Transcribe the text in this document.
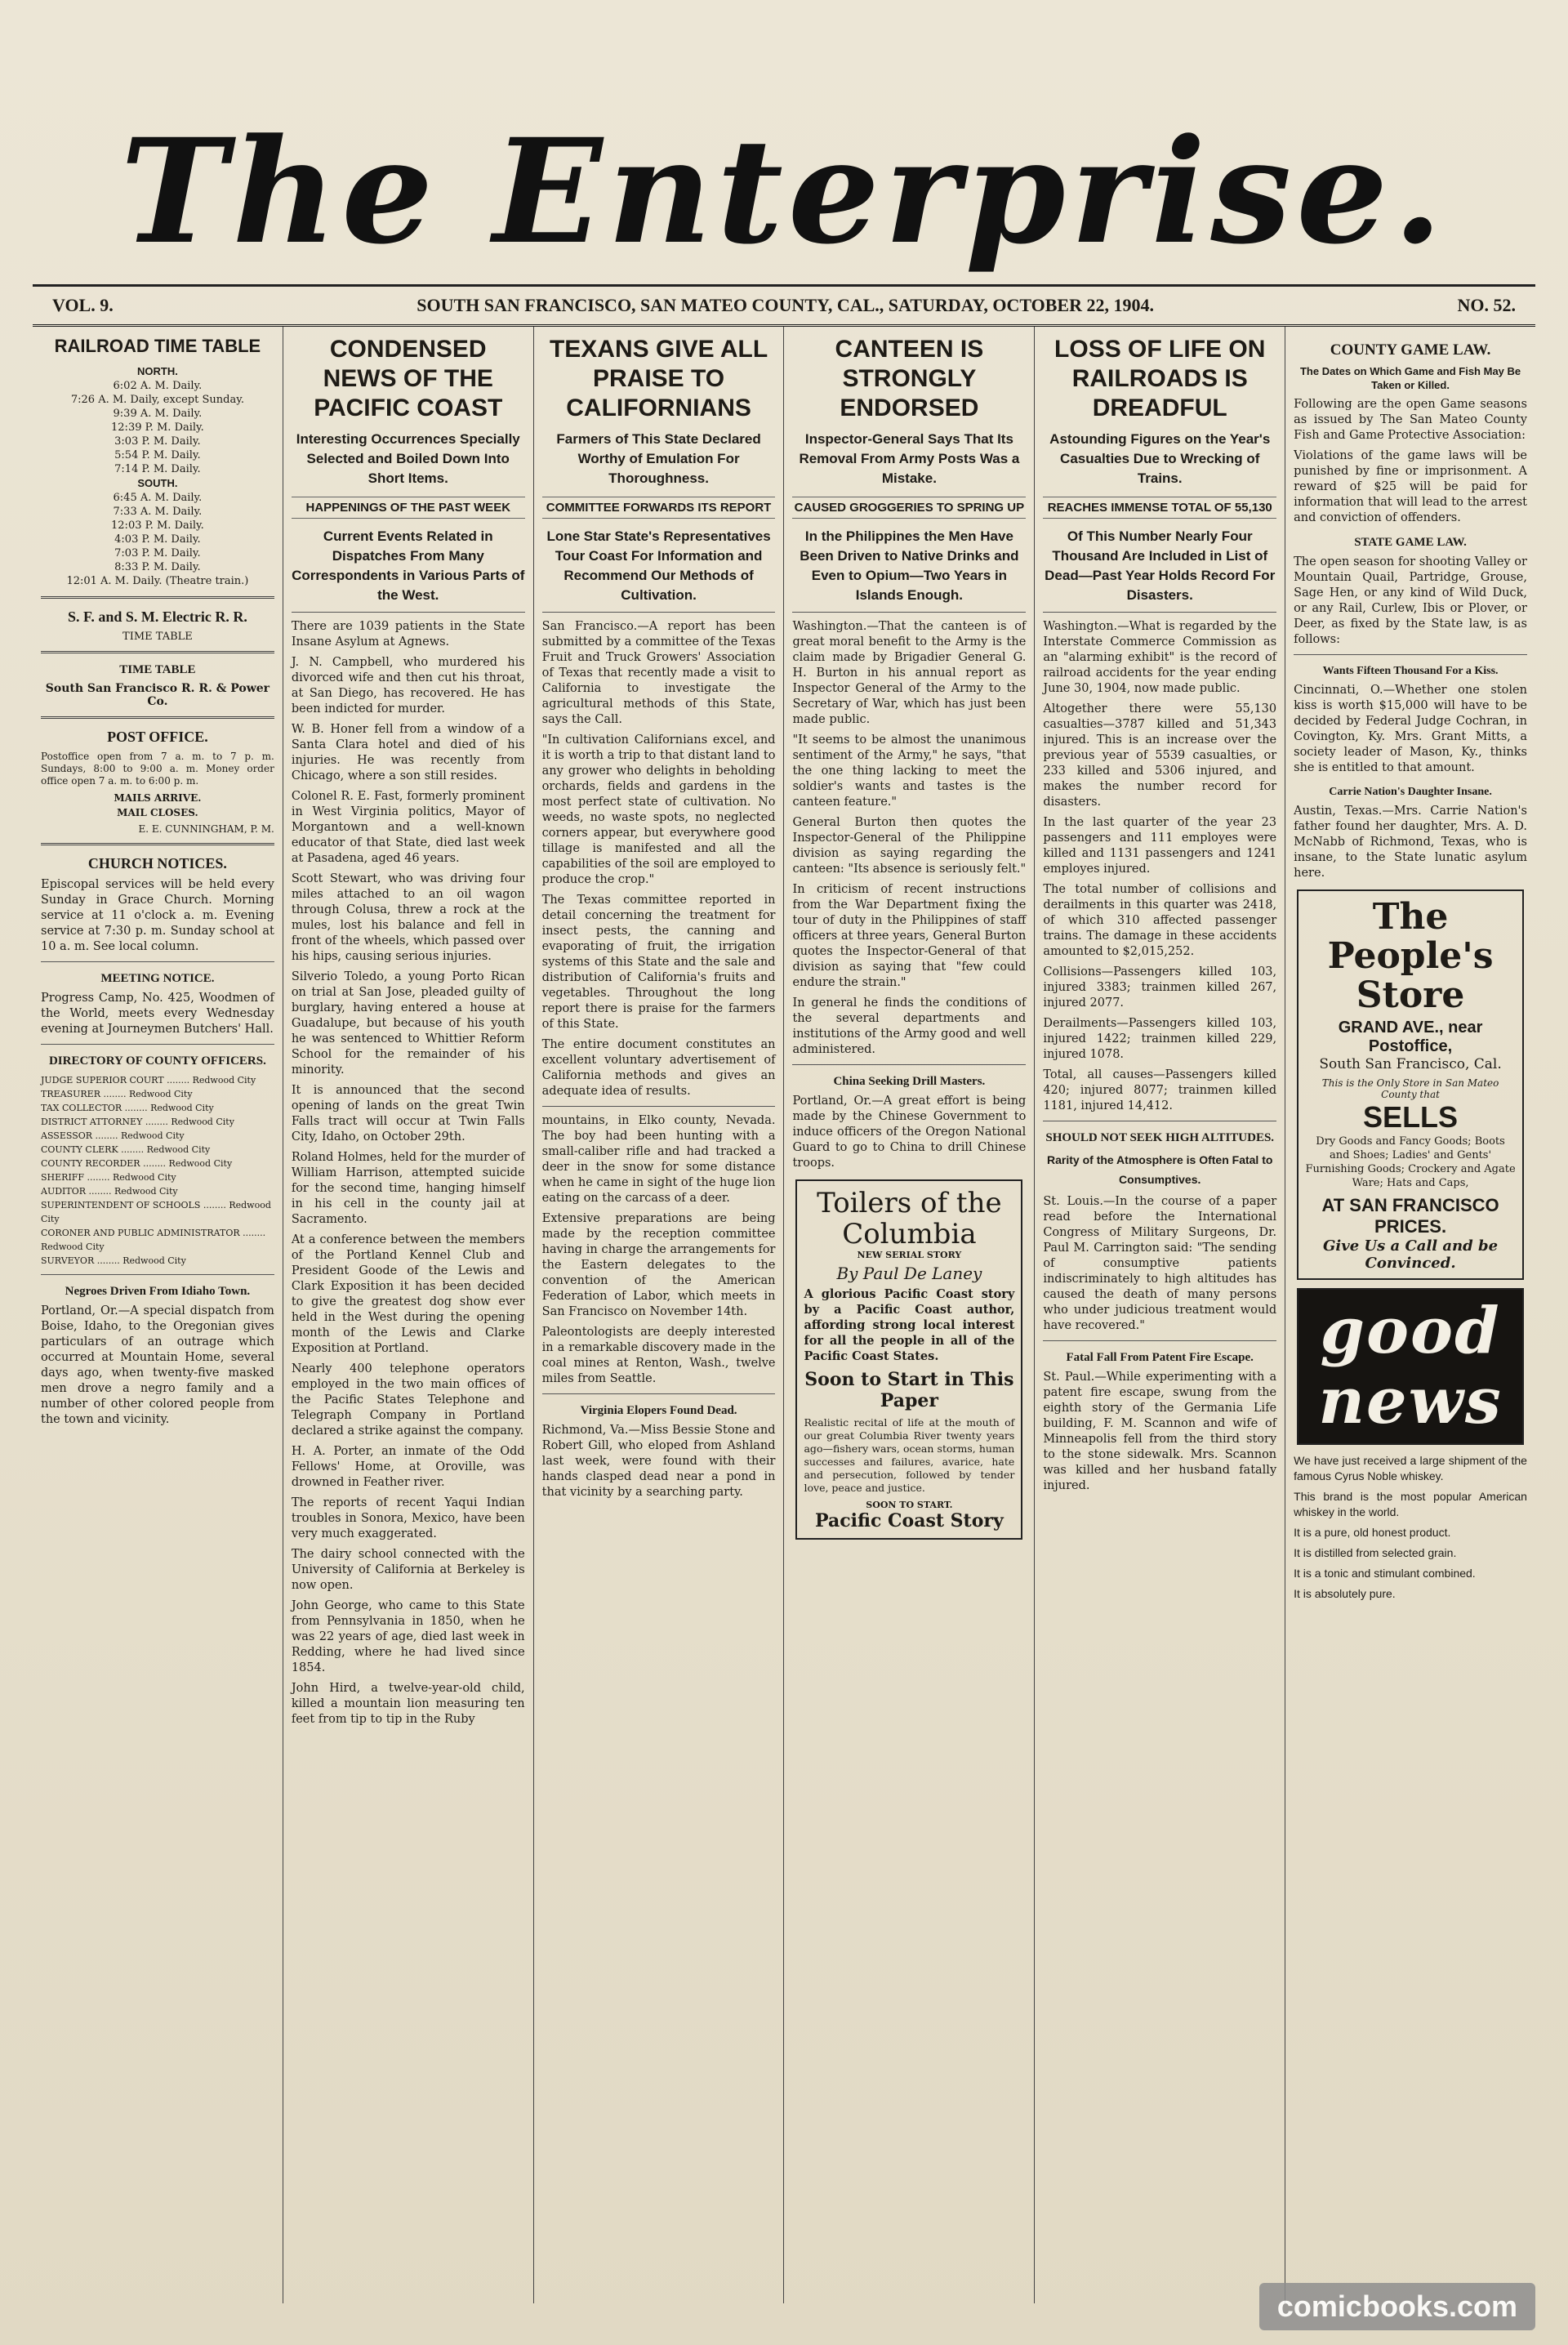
The Enterprise.
VOL. 9.	SOUTH SAN FRANCISCO, SAN MATEO COUNTY, CAL., SATURDAY, OCTOBER 22, 1904.	NO. 52.
RAILROAD TIME TABLE
NORTH.
6:02 A. M. Daily.
7:26 A. M. Daily, except Sunday.
9:39 A. M. Daily.
12:39 P. M. Daily.
3:03 P. M. Daily.
5:54 P. M. Daily.
7:14 P. M. Daily.
SOUTH.
6:45 A. M. Daily.
7:33 A. M. Daily.
12:03 P. M. Daily.
4:03 P. M. Daily.
7:03 P. M. Daily.
8:33 P. M. Daily.
12:01 A. M. Daily. (Theatre train.)
S. F. and S. M. Electric R. R.
TIME TABLE
TIME TABLE
South San Francisco R. R. & Power Co.
POST OFFICE.

Postoffice open from 7 a. m. to 7 p. m. Sundays, 8:00 to 9:00 a. m. Money order office open 7 a. m. to 6:00 p. m.

MAILS ARRIVE.
MAIL CLOSES.
E. E. CUNNINGHAM, P. M.
CHURCH NOTICES.

Episcopal services will be held every Sunday in Grace Church. Morning service at 11 o'clock a. m. Evening service at 7:30 p. m. Sunday school at 10 a. m. See local column.

MEETING NOTICE.

Progress Camp, No. 425, Woodmen of the World, meets every Wednesday evening at Journeymen Butchers' Hall.

DIRECTORY OF COUNTY OFFICERS.
JUDGE SUPERIOR COURT ........ Redwood City
TREASURER ........ Redwood City
TAX COLLECTOR ........ Redwood City
DISTRICT ATTORNEY ........ Redwood City
ASSESSOR ........ Redwood City
COUNTY CLERK ........ Redwood City
COUNTY RECORDER ........ Redwood City
SHERIFF ........ Redwood City
AUDITOR ........ Redwood City
SUPERINTENDENT OF SCHOOLS ........ Redwood City
CORONER AND PUBLIC ADMINISTRATOR ........ Redwood City
SURVEYOR ........ Redwood City
Negroes Driven From Idiaho Town.

Portland, Or.—A special dispatch from Boise, Idaho, to the Oregonian gives particulars of an outrage which occurred at Mountain Home, several days ago, when twenty-five masked men drove a negro family and a number of other colored people from the town and vicinity.

CONDENSED NEWS OF THE PACIFIC COAST
Interesting Occurrences Specially Selected and Boiled Down Into Short Items.
HAPPENINGS OF THE PAST WEEK
Current Events Related in Dispatches From Many Correspondents in Various Parts of the West.

There are 1039 patients in the State Insane Asylum at Agnews.

J. N. Campbell, who murdered his divorced wife and then cut his throat, at San Diego, has recovered. He has been indicted for murder.

W. B. Honer fell from a window of a Santa Clara hotel and died of his injuries. He was recently from Chicago, where a son still resides.

Colonel R. E. Fast, formerly prominent in West Virginia politics, Mayor of Morgantown and a well-known educator of that State, died last week at Pasadena, aged 46 years.

Scott Stewart, who was driving four miles attached to an oil wagon through Colusa, threw a rock at the mules, lost his balance and fell in front of the wheels, which passed over his hips, causing serious injuries.

Silverio Toledo, a young Porto Rican on trial at San Jose, pleaded guilty of burglary, having entered a house at Guadalupe, but because of his youth he was sentenced to Whittier Reform School for the remainder of his minority.

It is announced that the second opening of lands on the great Twin Falls tract will occur at Twin Falls City, Idaho, on October 29th.

Roland Holmes, held for the murder of William Harrison, attempted suicide for the second time, hanging himself in his cell in the county jail at Sacramento.

At a conference between the members of the Portland Kennel Club and President Goode of the Lewis and Clark Exposition it has been decided to give the greatest dog show ever held in the West during the opening month of the Lewis and Clarke Exposition at Portland.

Nearly 400 telephone operators employed in the two main offices of the Pacific States Telephone and Telegraph Company in Portland declared a strike against the company.

H. A. Porter, an inmate of the Odd Fellows' Home, at Oroville, was drowned in Feather river.

The reports of recent Yaqui Indian troubles in Sonora, Mexico, have been very much exaggerated.

The dairy school connected with the University of California at Berkeley is now open.

John George, who came to this State from Pennsylvania in 1850, when he was 22 years of age, died last week in Redding, where he had lived since 1854.

John Hird, a twelve-year-old child, killed a mountain lion measuring ten feet from tip to tip in the Ruby

TEXANS GIVE ALL PRAISE TO CALIFORNIANS
Farmers of This State Declared Worthy of Emulation For Thoroughness.
COMMITTEE FORWARDS ITS REPORT
Lone Star State's Representatives Tour Coast For Information and Recommend Our Methods of Cultivation.

San Francisco.—A report has been submitted by a committee of the Texas Fruit and Truck Growers' Association of Texas that recently made a visit to California to investigate the agricultural methods of this State, says the Call.

"In cultivation Californians excel, and it is worth a trip to that distant land to any grower who delights in beholding orchards, fields and gardens in the most perfect state of cultivation. No weeds, no waste spots, no neglected corners appear, but everywhere good tillage is manifested and all the capabilities of the soil are employed to produce the crop."

The Texas committee reported in detail concerning the treatment for insect pests, the canning and evaporating of fruit, the irrigation systems of this State and the sale and distribution of California's fruits and vegetables. Throughout the long report there is praise for the farmers of this State.

The entire document constitutes an excellent voluntary advertisement of California methods and gives an adequate idea of results.

mountains, in Elko county, Nevada. The boy had been hunting with a small-caliber rifle and had tracked a deer in the snow for some distance when he came in sight of the huge lion eating on the carcass of a deer.

Extensive preparations are being made by the reception committee having in charge the arrangements for the Eastern delegates to the convention of the American Federation of Labor, which meets in San Francisco on November 14th.

Paleontologists are deeply interested in a remarkable discovery made in the coal mines at Renton, Wash., twelve miles from Seattle.

Virginia Elopers Found Dead.

Richmond, Va.—Miss Bessie Stone and Robert Gill, who eloped from Ashland last week, were found with their hands clasped dead near a pond in that vicinity by a searching party.

CANTEEN IS STRONGLY ENDORSED
Inspector-General Says That Its Removal From Army Posts Was a Mistake.
CAUSED GROGGERIES TO SPRING UP
In the Philippines the Men Have Been Driven to Native Drinks and Even to Opium—Two Years in Islands Enough.

Washington.—That the canteen is of great moral benefit to the Army is the claim made by Brigadier General G. H. Burton in his annual report as Inspector General of the Army to the Secretary of War, which has just been made public.

"It seems to be almost the unanimous sentiment of the Army," he says, "that the one thing lacking to meet the soldier's wants and tastes is the canteen feature."

General Burton then quotes the Inspector-General of the Philippine division as saying regarding the canteen: "Its absence is seriously felt."

In criticism of recent instructions from the War Department fixing the tour of duty in the Philippines of staff officers at three years, General Burton quotes the Inspector-General of that division as saying that "few could endure the strain."

In general he finds the conditions of the several departments and institutions of the Army good and well administered.

China Seeking Drill Masters.

Portland, Or.—A great effort is being made by the Chinese Government to induce officers of the Oregon National Guard to go to China to drill Chinese troops.

Toilers of the
Columbia
NEW SERIAL STORY
By Paul De Laney

A glorious Pacific Coast story by a Pacific Coast author, affording strong local interest for all the people in all of the Pacific Coast States.

Soon to Start in This Paper

Realistic recital of life at the mouth of our great Columbia River twenty years ago—fishery wars, ocean storms, human successes and failures, avarice, hate and persecution, followed by tender love, peace and justice.

SOON TO START.
Pacific Coast Story
LOSS OF LIFE ON RAILROADS IS DREADFUL
Astounding Figures on the Year's Casualties Due to Wrecking of Trains.
REACHES IMMENSE TOTAL OF 55,130
Of This Number Nearly Four Thousand Are Included in List of Dead—Past Year Holds Record For Disasters.

Washington.—What is regarded by the Interstate Commerce Commission as an "alarming exhibit" is the record of railroad accidents for the year ending June 30, 1904, now made public.

Altogether there were 55,130 casualties—3787 killed and 51,343 injured. This is an increase over the previous year of 5539 casualties, or 233 killed and 5306 injured, and makes the number record for disasters.

In the last quarter of the year 23 passengers and 111 employes were killed and 1131 passengers and 1241 employes injured.

The total number of collisions and derailments in this quarter was 2418, of which 310 affected passenger trains. The damage in these accidents amounted to $2,015,252.

Collisions—Passengers killed 103, injured 3383; trainmen killed 267, injured 2077.

Derailments—Passengers killed 103, injured 1422; trainmen killed 229, injured 1078.

Total, all causes—Passengers killed 420; injured 8077; trainmen killed 1181, injured 14,412.

SHOULD NOT SEEK HIGH ALTITUDES.
Rarity of the Atmosphere is Often Fatal to Consumptives.

St. Louis.—In the course of a paper read before the International Congress of Military Surgeons, Dr. Paul M. Carrington said: "The sending of consumptive patients indiscriminately to high altitudes has caused the death of many persons who under judicious treatment would have recovered."

Fatal Fall From Patent Fire Escape.

St. Paul.—While experimenting with a patent fire escape, swung from the eighth story of the Germania Life building, F. M. Scannon and wife of Minneapolis fell from the third story to the stone sidewalk. Mrs. Scannon was killed and her husband fatally injured.

COUNTY GAME LAW.
The Dates on Which Game and Fish May Be Taken or Killed.

Following are the open Game seasons as issued by The San Mateo County Fish and Game Protective Association:

Violations of the game laws will be punished by fine or imprisonment. A reward of $25 will be paid for information that will lead to the arrest and conviction of offenders.

STATE GAME LAW.

The open season for shooting Valley or Mountain Quail, Partridge, Grouse, Sage Hen, or any kind of Wild Duck, or any Rail, Curlew, Ibis or Plover, or Deer, as fixed by the State law, is as follows:

Wants Fifteen Thousand For a Kiss.

Cincinnati, O.—Whether one stolen kiss is worth $15,000 will have to be decided by Federal Judge Cochran, in Covington, Ky. Mrs. Grant Mitts, a society leader of Mason, Ky., thinks she is entitled to that amount.

Carrie Nation's Daughter Insane.

Austin, Texas.—Mrs. Carrie Nation's father found her daughter, Mrs. A. D. McNabb of Richmond, Texas, who is insane, to the State lunatic asylum here.

The People's Store
GRAND AVE., near Postoffice,
South San Francisco, Cal.
This is the Only Store in San Mateo County that
SELLS
Dry Goods and Fancy Goods; Boots and Shoes; Ladies' and Gents' Furnishing Goods; Crockery and Agate Ware; Hats and Caps,
AT SAN FRANCISCO PRICES.
Give Us a Call and be Convinced.
good news

We have just received a large shipment of the famous Cyrus Noble whiskey.

This brand is the most popular American whiskey in the world.

It is a pure, old honest product.

It is distilled from selected grain.

It is a tonic and stimulant combined.

It is absolutely pure.

comicbooks.com
